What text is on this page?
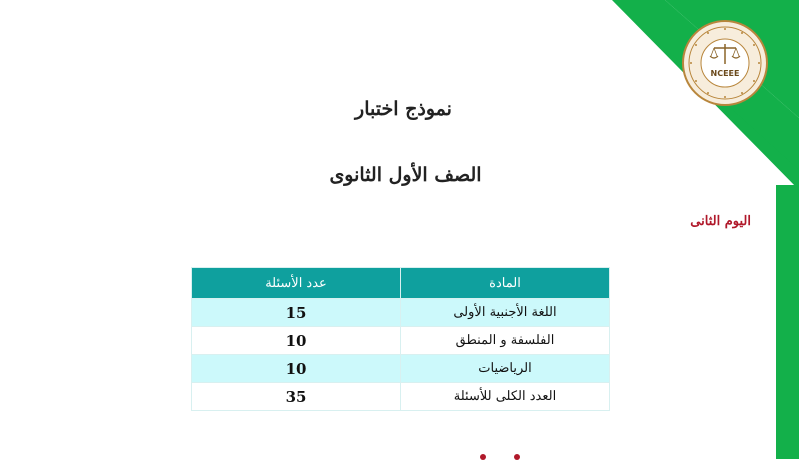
NCEEE
نموذج اختبار
الصف الأول الثانوى
اليوم الثانى
المادة	عدد الأسئلة
اللغة الأجنبية الأولى	15
الفلسفة و المنطق	10
الرياضيات	10
العدد الكلى للأسئلة	35
